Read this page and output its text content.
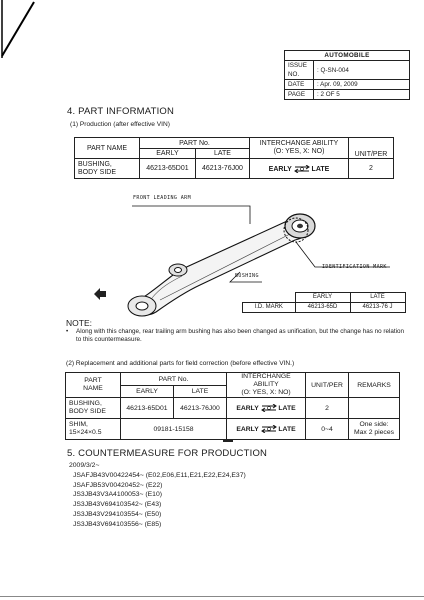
AUTOMOBILE	
ISSUE NO.	: Q-SN-004
DATE	: Apr. 09, 2009
PAGE	: 2 OF 5
4. PART INFORMATION
(1) Production (after effective VIN)
PART NAME	PART No.		INTERCHANGE ABILITY
(O: YES, X: NO)	UNIT/PER
	EARLY	LATE		
BUSHING,
BODY SIDE	46213-65D01	46213-76J00	EARLY LATE	2
FRONT LEADING ARM
BUSHING
IDENTIFICATION MARK
	EARLY	LATE
I.D. MARK	46213-65D	46213-76 J
NOTE:
•	Along with this change, rear trailing arm bushing has also been changed as unification, but the change has no relation to this countermeasure.
(2) Replacement and additional parts for field correction (before effective VIN.)
PART
NAME	PART No.		INTERCHANGE
ABILITY
(O: YES, X: NO)	UNIT/PER	REMARKS
	EARLY	LATE			
BUSHING,
BODY SIDE	46213-65D01	46213-76J00	EARLY LATE	2	
SHIM,
15×24×0.5	09181-15158		EARLY LATE	0~4	One side:
Max 2 pieces
5. COUNTERMEASURE FOR PRODUCTION
2009/3/2~
JSAFJB43V00422454~ (E02,E06,E11,E21,E22,E24,E37)
JSAFJB53V00420452~ (E22)
JS3JB43V3A4100053~ (E10)
JS3JB43V694103542~ (E43)
JS3JB43V294103554~ (E50)
JS3JB43V694103556~ (E85)
